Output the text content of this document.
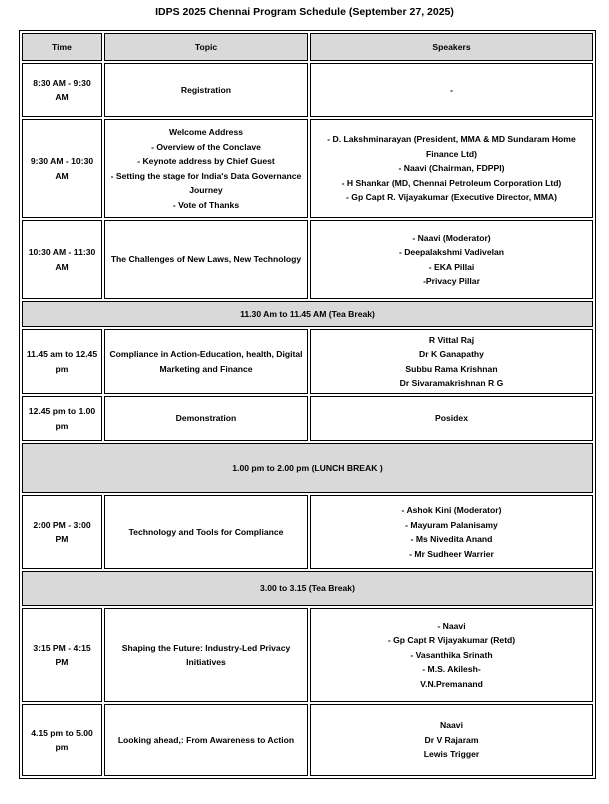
IDPS 2025 Chennai Program Schedule (September 27, 2025)
Time	Topic	Speakers
8:30 AM - 9:30 AM	Registration	-

9:30 AM - 10:30 AM	Welcome Address
- Overview of the Conclave
- Keynote address by Chief Guest
- Setting the stage for India's Data Governance Journey
- Vote of Thanks	- D. Lakshminarayan (President, MMA & MD Sundaram Home Finance Ltd)
- Naavi (Chairman, FDPPI)
- H Shankar (MD, Chennai Petroleum Corporation Ltd)
- Gp Capt R. Vijayakumar (Executive Director, MMA)

10:30 AM - 11:30 AM	The Challenges of New Laws, New Technology	- Naavi (Moderator)
- Deepalakshmi Vadivelan
- EKA Pillai
-Privacy Pillar

11.30 Am to 11.45 AM (Tea Break)		
11.45 am to 12.45 pm	Compliance in Action-Education, health, Digital Marketing and Finance	R Vittal Raj
Dr K Ganapathy
Subbu Rama Krishnan
Dr Sivaramakrishnan R G

12.45 pm to 1.00 pm	Demonstration	Posidex

1.00 pm to 2.00 pm (LUNCH BREAK )		
2:00 PM - 3:00 PM	Technology and Tools for Compliance	- Ashok Kini (Moderator)
- Mayuram Palanisamy
- Ms Nivedita Anand
- Mr Sudheer Warrier

3.00 to 3.15 (Tea Break)		
3:15 PM - 4:15 PM	Shaping the Future: Industry-Led Privacy Initiatives	- Naavi
- Gp Capt R Vijayakumar (Retd)
- Vasanthika Srinath
- M.S. Akilesh-
V.N.Premanand

4.15 pm to 5.00 pm	Looking ahead,: From Awareness to Action	Naavi
Dr V Rajaram
Lewis Trigger
